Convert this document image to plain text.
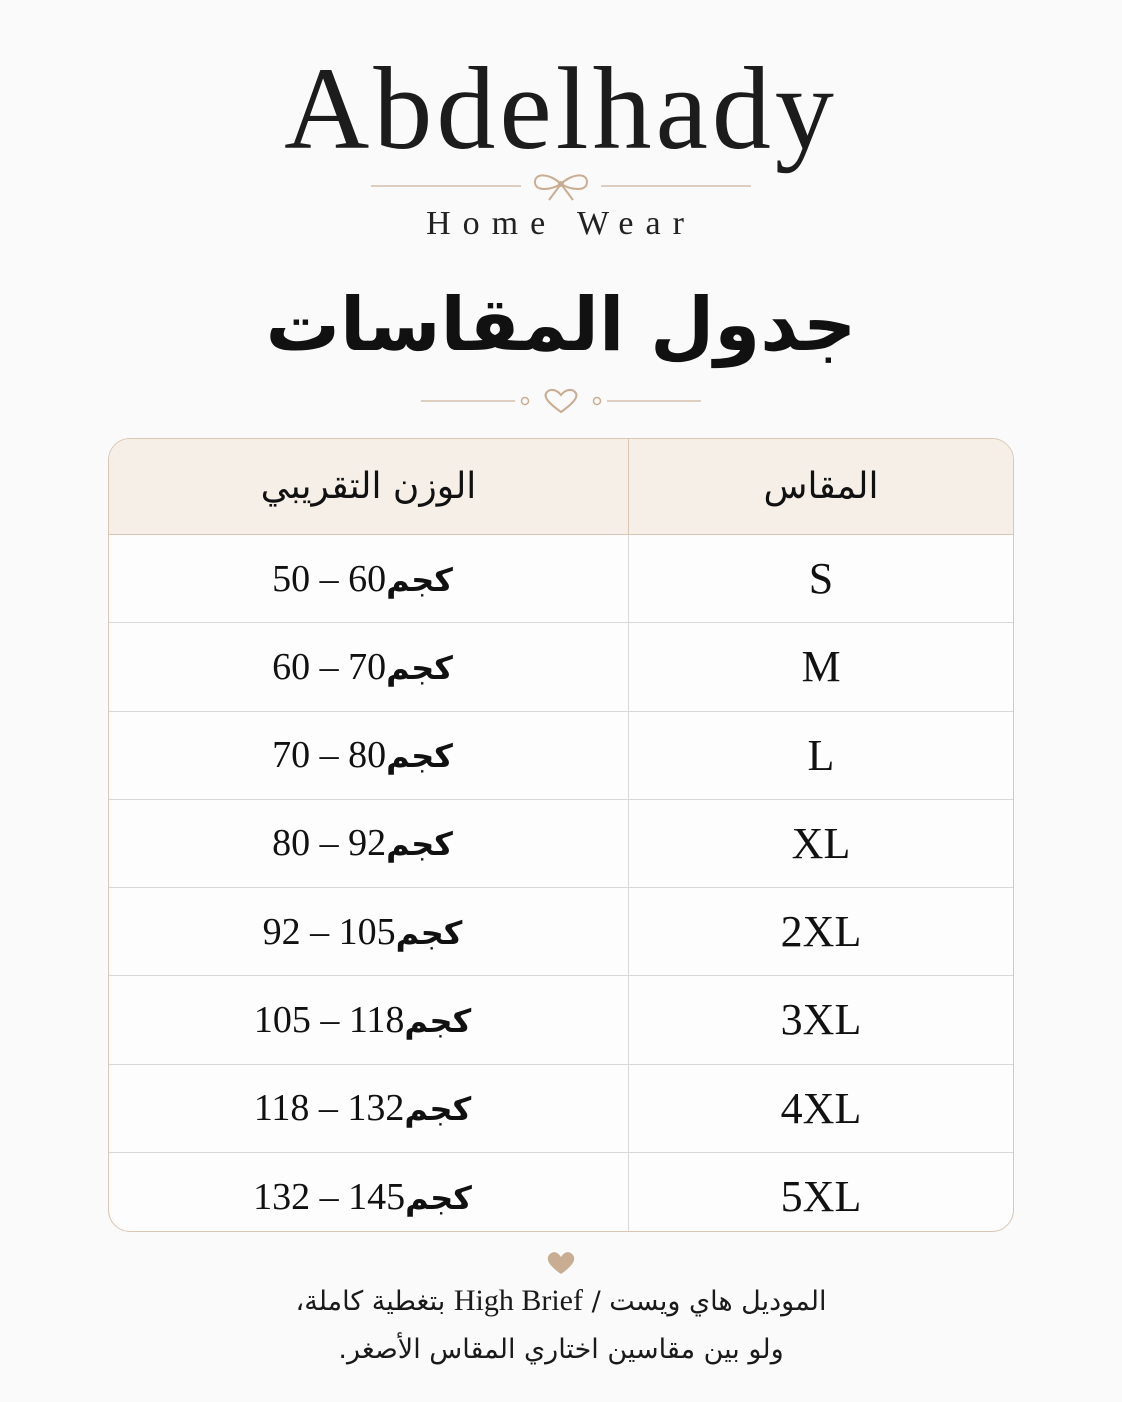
Abdelhady
Home Wear
جدول المقاسات
الوزن التقريبي	المقاس
50 – 60كجم	S
60 – 70كجم	M
70 – 80كجم	L
80 – 92كجم	XL
92 – 105كجم	2XL
105 – 118كجم	3XL
118 – 132كجم	4XL
132 – 145كجم	5XL
الموديل هاي ويست / High Brief بتغطية كاملة،
ولو بين مقاسين اختاري المقاس الأصغر.
